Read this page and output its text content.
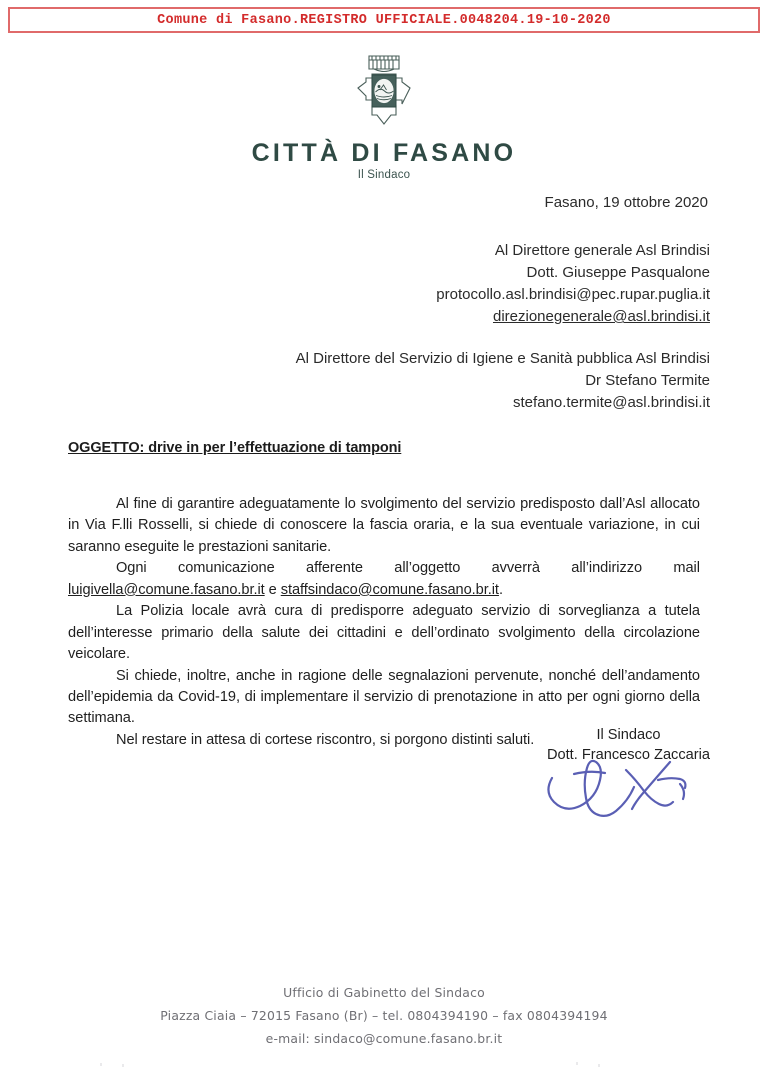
Comune di Fasano.REGISTRO UFFICIALE.0048204.19-10-2020
CITTÀ DI FASANO
Il Sindaco
Fasano, 19 ottobre 2020
Al Direttore generale Asl Brindisi
Dott. Giuseppe Pasqualone
protocollo.asl.brindisi@pec.rupar.puglia.it
direzionegenerale@asl.brindisi.it
Al Direttore del Servizio di Igiene e Sanità pubblica Asl Brindisi
Dr Stefano Termite
stefano.termite@asl.brindisi.it
OGGETTO: drive in per l’effettuazione di tamponi

Al fine di garantire adeguatamente lo svolgimento del servizio predisposto dall’Asl allocato in Via F.lli Rosselli, si chiede di conoscere la fascia oraria, e la sua eventuale variazione, in cui saranno eseguite le prestazioni sanitarie.

Ogni comunicazione afferente all’oggetto avverrà all’indirizzo mail
luigivella@comune.fasano.br.it e staffsindaco@comune.fasano.br.it.

La Polizia locale avrà cura di predisporre adeguato servizio di sorveglianza a tutela dell’interesse primario della salute dei cittadini e dell’ordinato svolgimento della circolazione veicolare.

Si chiede, inoltre, anche in ragione delle segnalazioni pervenute, nonché dell’andamento dell’epidemia da Covid-19, di implementare il servizio di prenotazione in atto per ogni giorno della settimana.

Nel restare in attesa di cortese riscontro, si porgono distinti saluti.	Il Sindaco
Dott. Francesco Zaccaria
Ufficio di Gabinetto del Sindaco
Piazza Ciaia – 72015 Fasano (Br) – tel. 0804394190 – fax 0804394194
e-mail: sindaco@comune.fasano.br.it
